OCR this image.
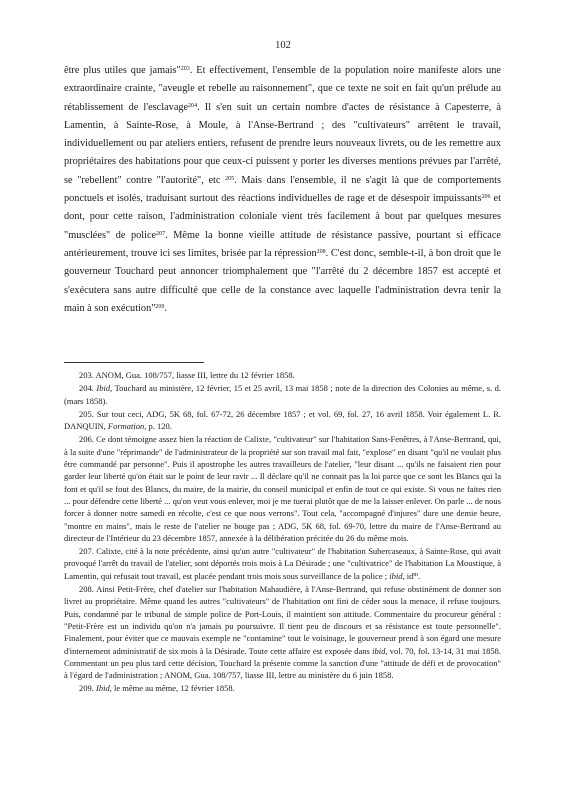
102

être plus utiles que jamais"$^{203}$. Et effectivement, l'ensemble de la population noire manifeste alors une extraordinaire crainte, "aveugle et rebelle au raisonnement", que ce texte ne soit en fait qu'un prélude au rétablissement de l'esclavage$^{204}$. Il s'en suit un certain nombre d'actes de résistance à Capesterre, à Lamentin, à Sainte-Rose, à Moule, à l'Anse-Bertrand ; des "cultivateurs" arrêtent le travail, individuellement ou par ateliers entiers, refusent de prendre leurs nouveaux livrets, ou de les remettre aux propriétaires des habitations pour que ceux-ci puissent y porter les diverses mentions prévues par l'arrêté, se "rebellent" contre "l'autorité", etc $^{205}$. Mais dans l'ensemble, il ne s'agit là que de comportements ponctuels et isolés, traduisant surtout des réactions individuelles de rage et de désespoir impuissants$^{206}$ et dont, pour cette raison, l'administration coloniale vient très facilement à bout par quelques mesures "musclées" de police$^{207}$. Même la bonne vieille attitude de résistance passive, pourtant si efficace antérieurement, trouve ici ses limites, brisée par la répression$^{208}$. C'est donc, semble-t-il, à bon droit que le gouverneur Touchard peut annoncer triomphalement que "l'arrêté du 2 décembre 1857 est accepté et s'exécutera sans autre difficulté que celle de la constance avec laquelle l'administration devra tenir la main à son exécution"$^{209}$.

203. ANOM, Gua. 108/757, liasse III, lettre du 12 février 1858.

204. Ibid, Touchard au ministère, 12 février, 15 et 25 avril, 13 mai 1858 ; note de la direction des Colonies au même, s. d. (mars 1858).

205. Sur tout ceci, ADG, 5K 68, fol. 67-72, 26 décembre 1857 ; et vol. 69, fol. 27, 16 avril 1858. Voir également L. R. DANQUIN, Formation, p. 120.

206. Ce dont témoigne assez bien la réaction de Calixte, "cultivateur" sur l'habitation Sans-Fenêtres, à l'Anse-Bertrand, qui, à la suite d'une "réprimande" de l'administrateur de la propriété sur son travail mal fait, "explose" en disant "qu'il ne voulait plus être commandé par personne". Puis il apostrophe les autres travailleurs de l'atelier, "leur disant ... qu'ils ne faisaient rien pour garder leur liberté qu'on était sur le point de leur ravir ... Il déclare qu'il ne connait pas la loi parce que ce sont les Blancs qui la font et qu'il se fout des Blancs, du maire, de la mairie, du conseil municipal et enfin de tout ce qui existe. Si vous ne faites rien ... pour défendre cette liberté ... qu'on veut vous enlever, moi je me tuerai plutôt que de me la laisser enlever. On parle ... de nous forcer à donner notre samedi en récolte, c'est ce que nous verrons". Tout cela, "accompagné d'injures" dure une demie heure, "montre en mains", mais le reste de l'atelier ne bouge pas ; ADG, 5K 68, fol. 69-70, lettre du maire de l'Anse-Bertrand au directeur de l'Intérieur du 23 décembre 1857, annexée à la délibération précitée du 26 du même mois.

207. Calixte, cité à la note précédente, ainsi qu'un autre "cultivateur" de l'habitation Subercaseaux, à Sainte-Rose, qui avait provoqué l'arrêt du travail de l'atelier, sont déportés trois mois à La Désirade ; une "cultivatrice" de l'habitation La Moustique, à Lamentin, qui refusait tout travail, est placée pendant trois mois sous surveillance de la police ; ibid, $id^m$.

208. Ainsi Petit-Frère, chef d'atelier sur l'habitation Mahaudière, à l'Anse-Bertrand, qui refuse obstinément de donner son livret au propriétaire. Même quand les autres "cultivateurs" de l'habitation ont fini de céder sous la menace, il refuse toujours. Puis, condamné par le tribunal de simple police de Port-Louis, il maintient son attitude. Commentaire du procureur général : "Petit-Frère est un individu qu'on n'a jamais pu poursuivre. Il tient peu de discours et sa résistance est toute personnelle". Finalement, pour éviter que ce mauvais exemple ne "contamine" tout le voisinage, le gouverneur prend à son égard une mesure d'internement administratif de six mois à la Désirade. Toute cette affaire est exposée dans ibid, vol. 70, fol. 13-14, 31 mai 1858. Commentant un peu plus tard cette décision, Touchard la présente comme la sanction d'une "attitude de défi et de provocation" à l'égard de l'administration ; ANOM, Gua. 108/757, liasse III, lettre au ministère du 6 juin 1858.

209. Ibid, le même au même, 12 février 1858.
